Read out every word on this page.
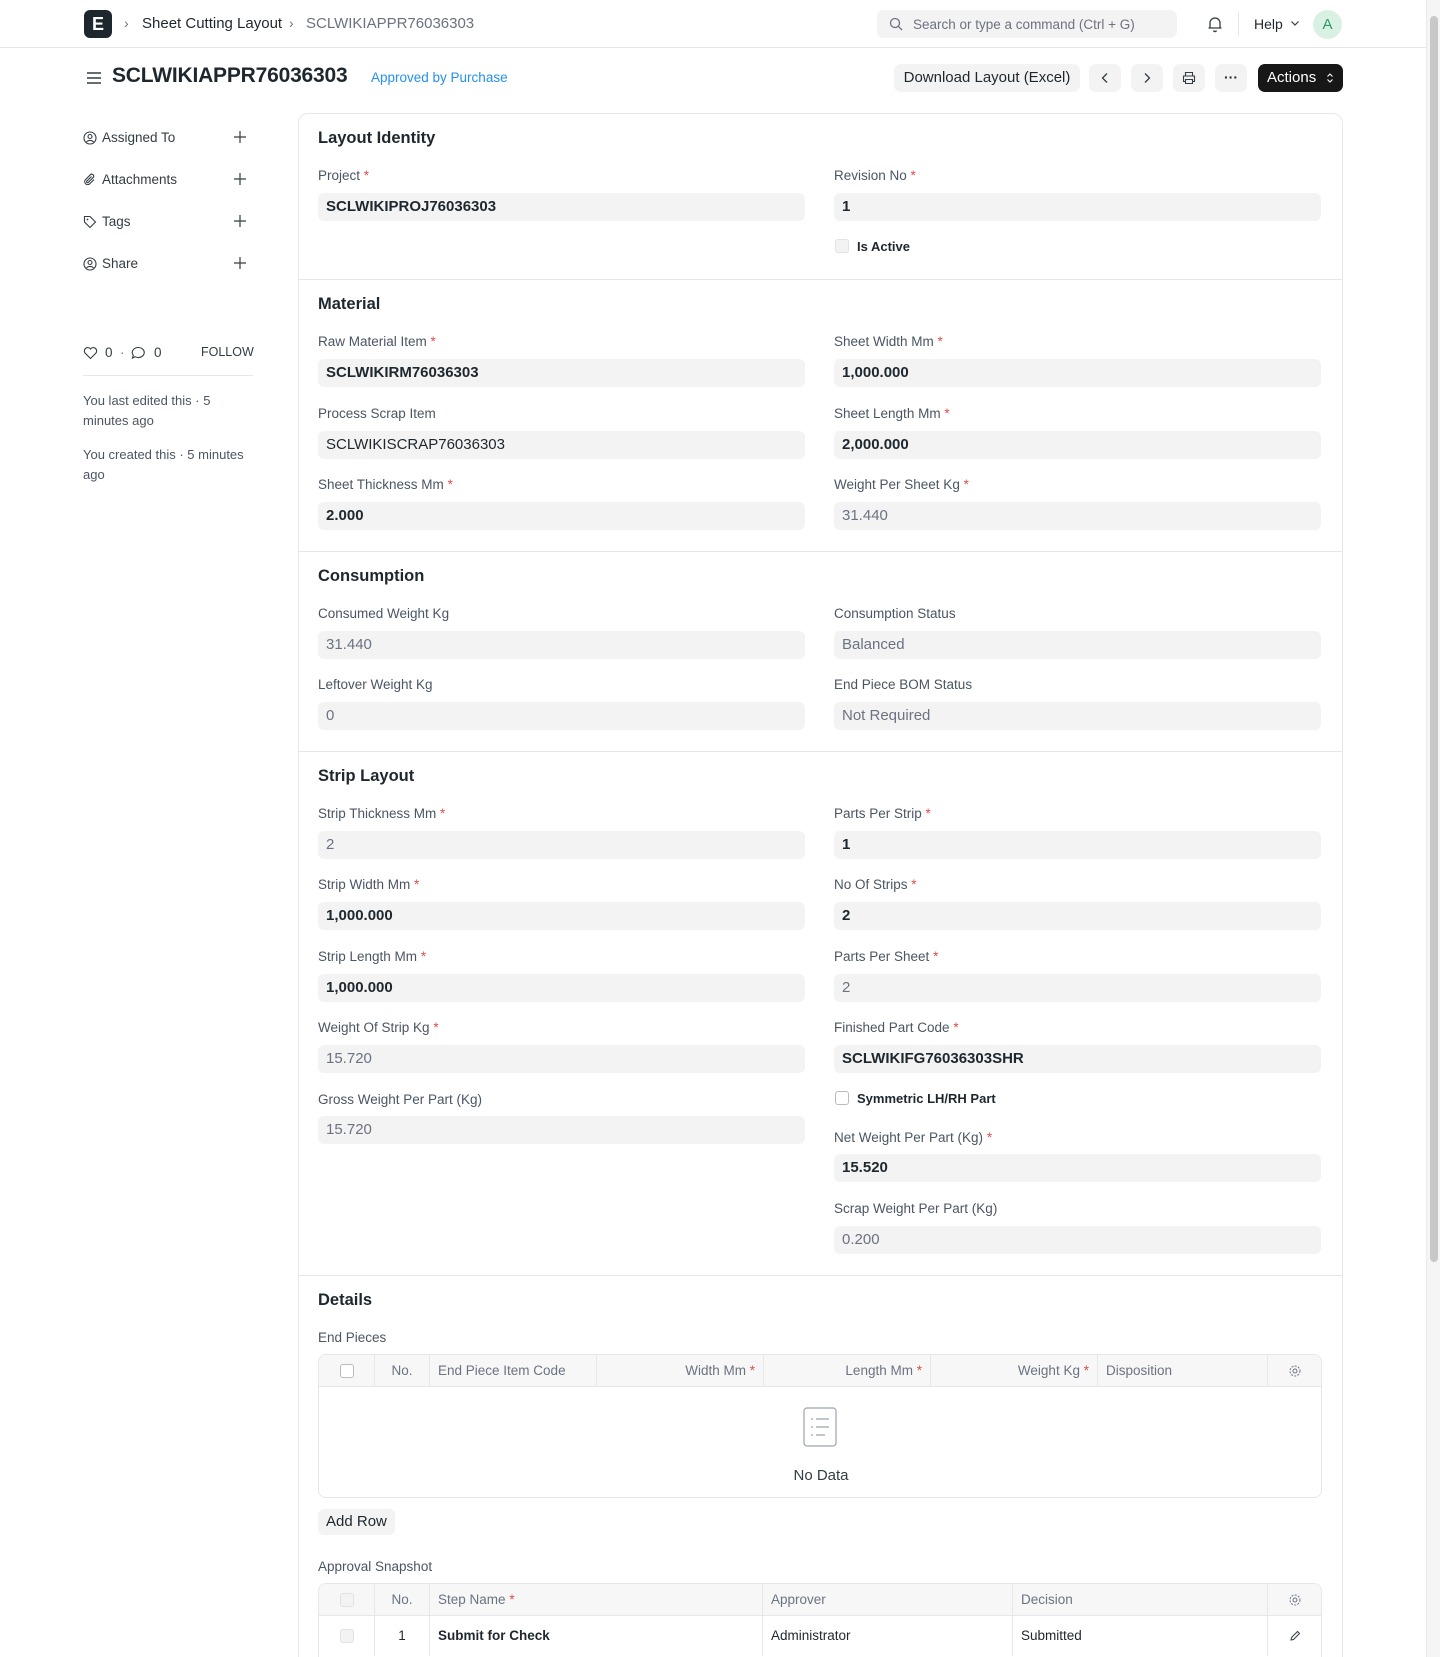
E	› Sheet Cutting Layout › SCLWIKIAPPR76036303	Search or type a command (Ctrl + G)	Help	A
SCLWIKIAPPR76036303 Approved by Purchase	Download Layout (Excel)	···	Actions
Assigned To
Attachments
Tags
Share
0 · 0	FOLLOW
You last edited this · 5 minutes ago
You created this · 5 minutes ago
Layout Identity
Project *
SCLWIKIPROJ76036303
Revision No *
1
Is Active
Material
Raw Material Item *
SCLWIKIRM76036303
Sheet Width Mm *
1,000.000
Process Scrap Item
SCLWIKISCRAP76036303
Sheet Length Mm *
2,000.000
Sheet Thickness Mm *
2.000
Weight Per Sheet Kg *
31.440
Consumption
Consumed Weight Kg
31.440
Consumption Status
Balanced
Leftover Weight Kg
0
End Piece BOM Status
Not Required
Strip Layout
Strip Thickness Mm *
2
Parts Per Strip *
1
Strip Width Mm *
1,000.000
No Of Strips *
2
Strip Length Mm *
1,000.000
Parts Per Sheet *
2
Weight Of Strip Kg *
15.720
Finished Part Code *
SCLWIKIFG76036303SHR
Symmetric LH/RH Part
Gross Weight Per Part (Kg)
15.720	Net Weight Per Part (Kg) *
15.520
Scrap Weight Per Part (Kg)
0.200
Details
End Pieces
No.	End Piece Item Code	Width Mm *	Length Mm *	Weight Kg *	Disposition
No Data
Add Row
Approval Snapshot
No.	Step Name *	Approver	Decision
1	Submit for Check	Administrator	Submitted
